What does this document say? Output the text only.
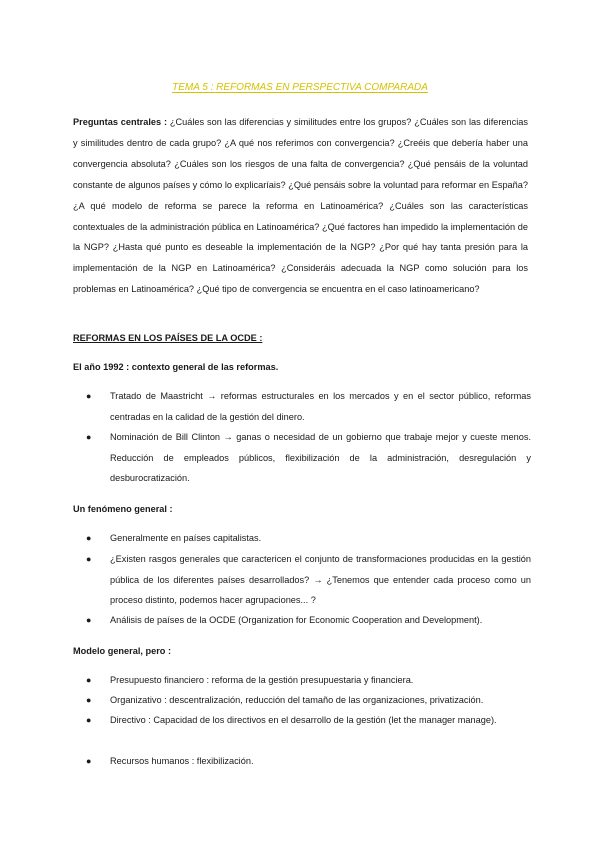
TEMA 5 : REFORMAS EN PERSPECTIVA COMPARADA
Preguntas centrales : ¿Cuáles son las diferencias y similitudes entre los grupos? ¿Cuáles son las diferencias y similitudes dentro de cada grupo? ¿A qué nos referimos con convergencia? ¿Creéis que debería haber una convergencia absoluta? ¿Cuáles son los riesgos de una falta de convergencia? ¿Qué pensáis de la voluntad constante de algunos países y cómo lo explicaríais? ¿Qué pensáis sobre la voluntad para reformar en España? ¿A qué modelo de reforma se parece la reforma en Latinoamérica? ¿Cuáles son las características contextuales de la administración pública en Latinoamérica? ¿Qué factores han impedido la implementación de la NGP? ¿Hasta qué punto es deseable la implementación de la NGP? ¿Por qué hay tanta presión para la implementación de la NGP en Latinoamérica? ¿Consideráis adecuada la NGP como solución para los problemas en Latinoamérica? ¿Qué tipo de convergencia se encuentra en el caso latinoamericano?
REFORMAS EN LOS PAÍSES DE LA OCDE :
El año 1992 : contexto general de las reformas.
● Tratado de Maastricht → reformas estructurales en los mercados y en el sector público, reformas centradas en la calidad de la gestión del dinero.
● Nominación de Bill Clinton → ganas o necesidad de un gobierno que trabaje mejor y cueste menos. Reducción de empleados públicos, flexibilización de la administración, desregulación y desburocratización.
Un fenómeno general :
● Generalmente en países capitalistas.
● ¿Existen rasgos generales que caractericen el conjunto de transformaciones producidas en la gestión pública de los diferentes países desarrollados? → ¿Tenemos que entender cada proceso como un proceso distinto, podemos hacer agrupaciones... ?
● Análisis de países de la OCDE (Organization for Economic Cooperation and Development).
Modelo general, pero :
● Presupuesto financiero : reforma de la gestión presupuestaria y financiera.
● Organizativo : descentralización, reducción del tamaño de las organizaciones, privatización.
● Directivo : Capacidad de los directivos en el desarrollo de la gestión (let the manager manage).
● Recursos humanos : flexibilización.
